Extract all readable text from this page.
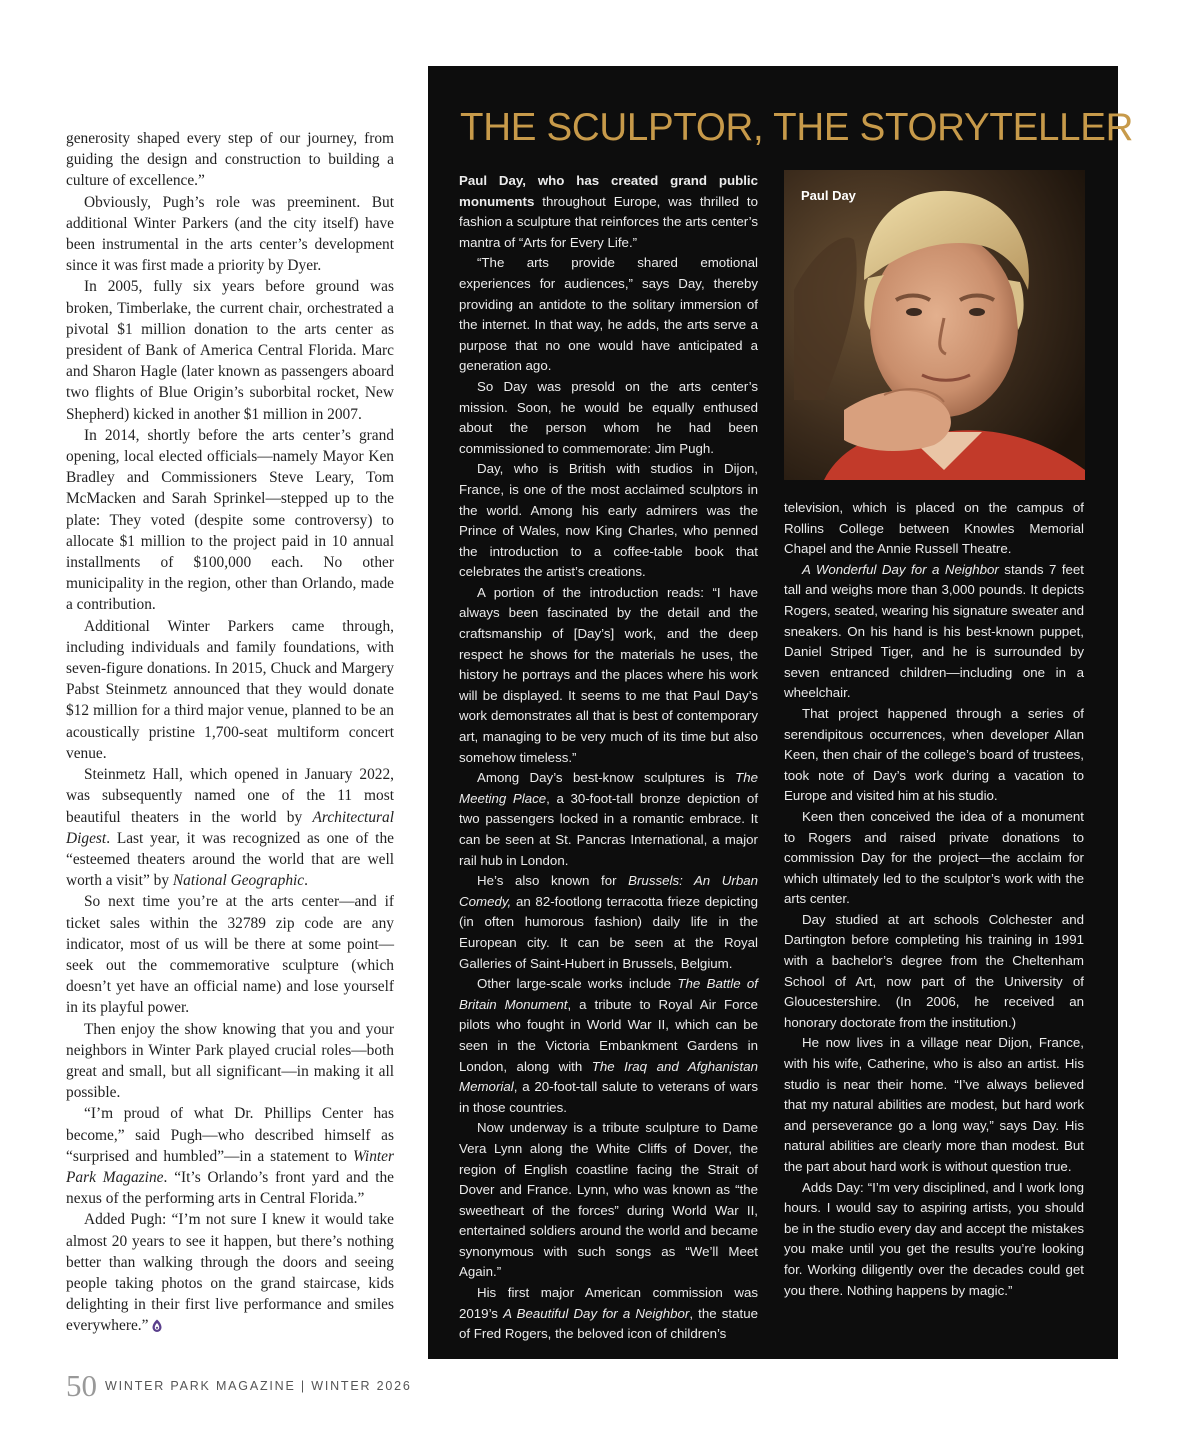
generosity shaped every step of our journey, from guiding the design and construction to building a culture of excellence.”

Obviously, Pugh’s role was preeminent. But additional Winter Parkers (and the city itself) have been instrumental in the arts center’s development since it was first made a priority by Dyer.

In 2005, fully six years before ground was broken, Timberlake, the current chair, orchestrated a pivotal $1 million donation to the arts center as president of Bank of America Central Florida. Marc and Sharon Hagle (later known as passengers aboard two flights of Blue Origin’s suborbital rocket, New Shepherd) kicked in another $1 million in 2007.

In 2014, shortly before the arts center’s grand opening, local elected officials—namely Mayor Ken Bradley and Commissioners Steve Leary, Tom McMacken and Sarah Sprinkel—stepped up to the plate: They voted (despite some controversy) to allocate $1 million to the project paid in 10 annual installments of $100,000 each. No other municipality in the region, other than Orlando, made a contribution.

Additional Winter Parkers came through, including individuals and family foundations, with seven-figure donations. In 2015, Chuck and Margery Pabst Steinmetz announced that they would donate $12 million for a third major venue, planned to be an acoustically pristine 1,700-seat multiform concert venue.

Steinmetz Hall, which opened in January 2022, was subsequently named one of the 11 most beautiful theaters in the world by Architectural Digest. Last year, it was recognized as one of the “esteemed theaters around the world that are well worth a visit” by National Geographic.

So next time you’re at the arts center—and if ticket sales within the 32789 zip code are any indicator, most of us will be there at some point—seek out the commemorative sculpture (which doesn’t yet have an official name) and lose yourself in its playful power.

Then enjoy the show knowing that you and your neighbors in Winter Park played crucial roles—both great and small, but all significant—in making it all possible.

“I’m proud of what Dr. Phillips Center has become,” said Pugh—who described himself as “surprised and humbled”—in a statement to Winter Park Magazine. “It’s Orlando’s front yard and the nexus of the performing arts in Central Florida.”

Added Pugh: “I’m not sure I knew it would take almost 20 years to see it happen, but there’s nothing better than walking through the doors and seeing people taking photos on the grand staircase, kids delighting in their first live performance and smiles everywhere.”

THE SCULPTOR, THE STORYTELLER
Paul Day

Paul Day, who has created grand public monuments throughout Europe, was thrilled to fashion a sculpture that reinforces the arts center’s mantra of “Arts for Every Life.”

“The arts provide shared emotional experiences for audiences,” says Day, thereby providing an antidote to the solitary immersion of the internet. In that way, he adds, the arts serve a purpose that no one would have anticipated a generation ago.

So Day was presold on the arts center’s mission. Soon, he would be equally enthused about the person whom he had been commissioned to commemorate: Jim Pugh.

Day, who is British with studios in Dijon, France, is one of the most acclaimed sculptors in the world. Among his early admirers was the Prince of Wales, now King Charles, who penned the introduction to a coffee-table book that celebrates the artist’s creations.

A portion of the introduction reads: “I have always been fascinated by the detail and the craftsmanship of [Day’s] work, and the deep respect he shows for the materials he uses, the history he portrays and the places where his work will be displayed. It seems to me that Paul Day’s work demonstrates all that is best of contemporary art, managing to be very much of its time but also somehow timeless.”

Among Day’s best-know sculptures is The Meeting Place, a 30-foot-tall bronze depiction of two passengers locked in a romantic embrace. It can be seen at St. Pancras International, a major rail hub in London.

He’s also known for Brussels: An Urban Comedy, an 82-footlong terracotta frieze depicting (in often humorous fashion) daily life in the European city. It can be seen at the Royal Galleries of Saint-Hubert in Brussels, Belgium.

Other large-scale works include The Battle of Britain Monument, a tribute to Royal Air Force pilots who fought in World War II, which can be seen in the Victoria Embankment Gardens in London, along with The Iraq and Afghanistan Memorial, a 20-foot-tall salute to veterans of wars in those countries.

Now underway is a tribute sculpture to Dame Vera Lynn along the White Cliffs of Dover, the region of English coastline facing the Strait of Dover and France. Lynn, who was known as “the sweetheart of the forces” during World War II, entertained soldiers around the world and became synonymous with such songs as “We’ll Meet Again.”

His first major American commission was 2019’s A Beautiful Day for a Neighbor, the statue of Fred Rogers, the beloved icon of children’s

television, which is placed on the campus of Rollins College between Knowles Memorial Chapel and the Annie Russell Theatre.

A Wonderful Day for a Neighbor stands 7 feet tall and weighs more than 3,000 pounds. It depicts Rogers, seated, wearing his signature sweater and sneakers. On his hand is his best-known puppet, Daniel Striped Tiger, and he is surrounded by seven entranced children—including one in a wheelchair.

That project happened through a series of serendipitous occurrences, when developer Allan Keen, then chair of the college’s board of trustees, took note of Day’s work during a vacation to Europe and visited him at his studio.

Keen then conceived the idea of a monument to Rogers and raised private donations to commission Day for the project—the acclaim for which ultimately led to the sculptor’s work with the arts center.

Day studied at art schools Colchester and Dartington before completing his training in 1991 with a bachelor’s degree from the Cheltenham School of Art, now part of the University of Gloucestershire. (In 2006, he received an honorary doctorate from the institution.)

He now lives in a village near Dijon, France, with his wife, Catherine, who is also an artist. His studio is near their home. “I’ve always believed that my natural abilities are modest, but hard work and perseverance go a long way,” says Day. His natural abilities are clearly more than modest. But the part about hard work is without question true.

Adds Day: “I’m very disciplined, and I work long hours. I would say to aspiring artists, you should be in the studio every day and accept the mistakes you make until you get the results you’re looking for. Working diligently over the decades could get you there. Nothing happens by magic.”

50 WINTER PARK MAGAZINE | WINTER 2026
